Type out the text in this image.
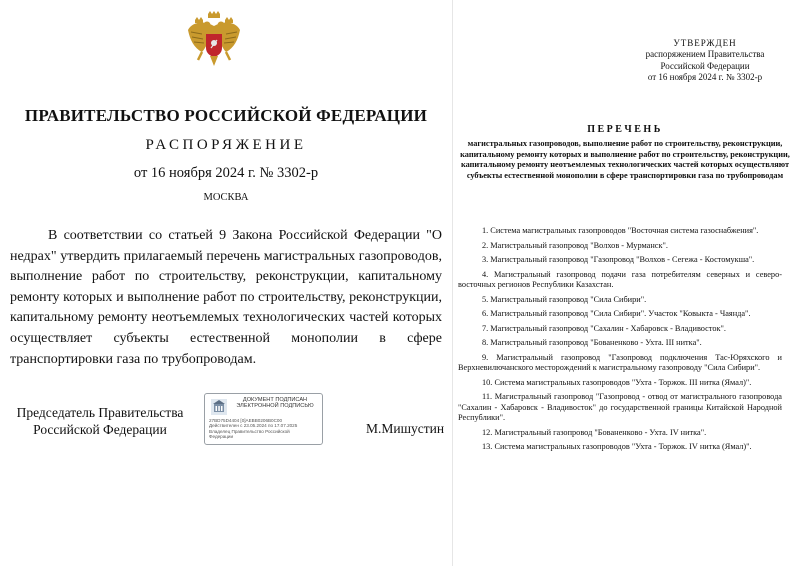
ПРАВИТЕЛЬСТВО РОССИЙСКОЙ ФЕДЕРАЦИИ
РАСПОРЯЖЕНИЕ
от 16 ноября 2024 г. № 3302-р
МОСКВА
В соответствии со статьей 9 Закона Российской Федерации "О недрах" утвердить прилагаемый перечень магистральных газопроводов, выполнение работ по строительству, реконструкции, капитальному ремонту которых и выполнение работ по строительству, реконструкции, капитальному ремонту неотъемлемых технологических частей которых осуществляет субъекты естественной монополии в сфере транспортировки газа по трубопроводам.
Председатель Правительства
Российской Федерации
ДОКУМЕНТ ПОДПИСАН
ЭЛЕКТРОННОЙ ПОДПИСЬЮ
27BD75D4404 [0]AEBB0206B0C00
Действителен с 23.05.2024 по 17.07.2025
Владелец Правительство Российской
Федерации
М.Мишустин
УТВЕРЖДЕН
распоряжением Правительства
Российской Федерации
от 16 ноября 2024 г. № 3302-р
ПЕРЕЧЕНЬ
магистральных газопроводов, выполнение работ по строительству, реконструкции, капитальному ремонту которых и выполнение работ по строительству, реконструкции, капитальному ремонту неотъемлемых технологических частей которых осуществляют субъекты естественной монополии в сфере транспортировки газа по трубопроводам
1. Система магистральных газопроводов "Восточная система газоснабжения".
2. Магистральный газопровод "Волхов - Мурманск".
3. Магистральный газопровод "Газопровод "Волхов - Сегежа - Костомукша".
4. Магистральный газопровод подачи газа потребителям северных и северо-восточных регионов Республики Казахстан.
5. Магистральный газопровод "Сила Сибири".
6. Магистральный газопровод "Сила Сибири". Участок "Ковыкта - Чаянда".
7. Магистральный газопровод "Сахалин - Хабаровск - Владивосток".
8. Магистральный газопровод "Бованенково - Ухта. III нитка".
9. Магистральный газопровод "Газопровод подключения Тас-Юряхского и Верхневилючанского месторождений к магистральному газопроводу "Сила Сибири".
10. Система магистральных газопроводов "Ухта - Торжок. III нитка (Ямал)".
11. Магистральный газопровод "Газопровод - отвод от магистрального газопровода "Сахалин - Хабаровск - Владивосток" до государственной границы Китайской Народной Республики".
12. Магистральный газопровод "Бованенково - Ухта. IV нитка".
13. Система магистральных газопроводов "Ухта - Торжок. IV нитка (Ямал)".
